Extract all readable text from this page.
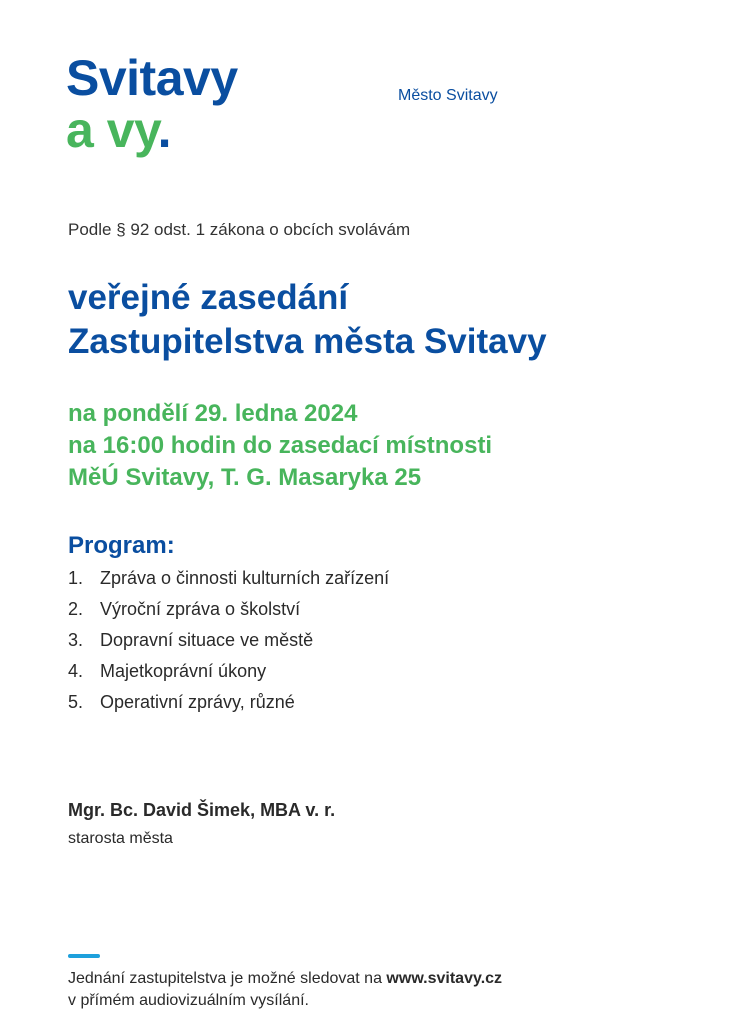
Svitavy
a vy.
Město Svitavy
Podle § 92 odst. 1 zákona o obcích svolávám
veřejné zasedání
Zastupitelstva města Svitavy
na pondělí 29. ledna 2024
na 16:00 hodin do zasedací místnosti
MěÚ Svitavy, T. G. Masaryka 25
Program:
1. Zpráva o činnosti kulturních zařízení
2. Výroční zpráva o školství
3. Dopravní situace ve městě
4. Majetkoprávní úkony
5. Operativní zprávy, různé
Mgr. Bc. David Šimek, MBA v. r.
starosta města
Jednání zastupitelstva je možné sledovat na www.svitavy.cz
v přímém audiovizuálním vysílání.
